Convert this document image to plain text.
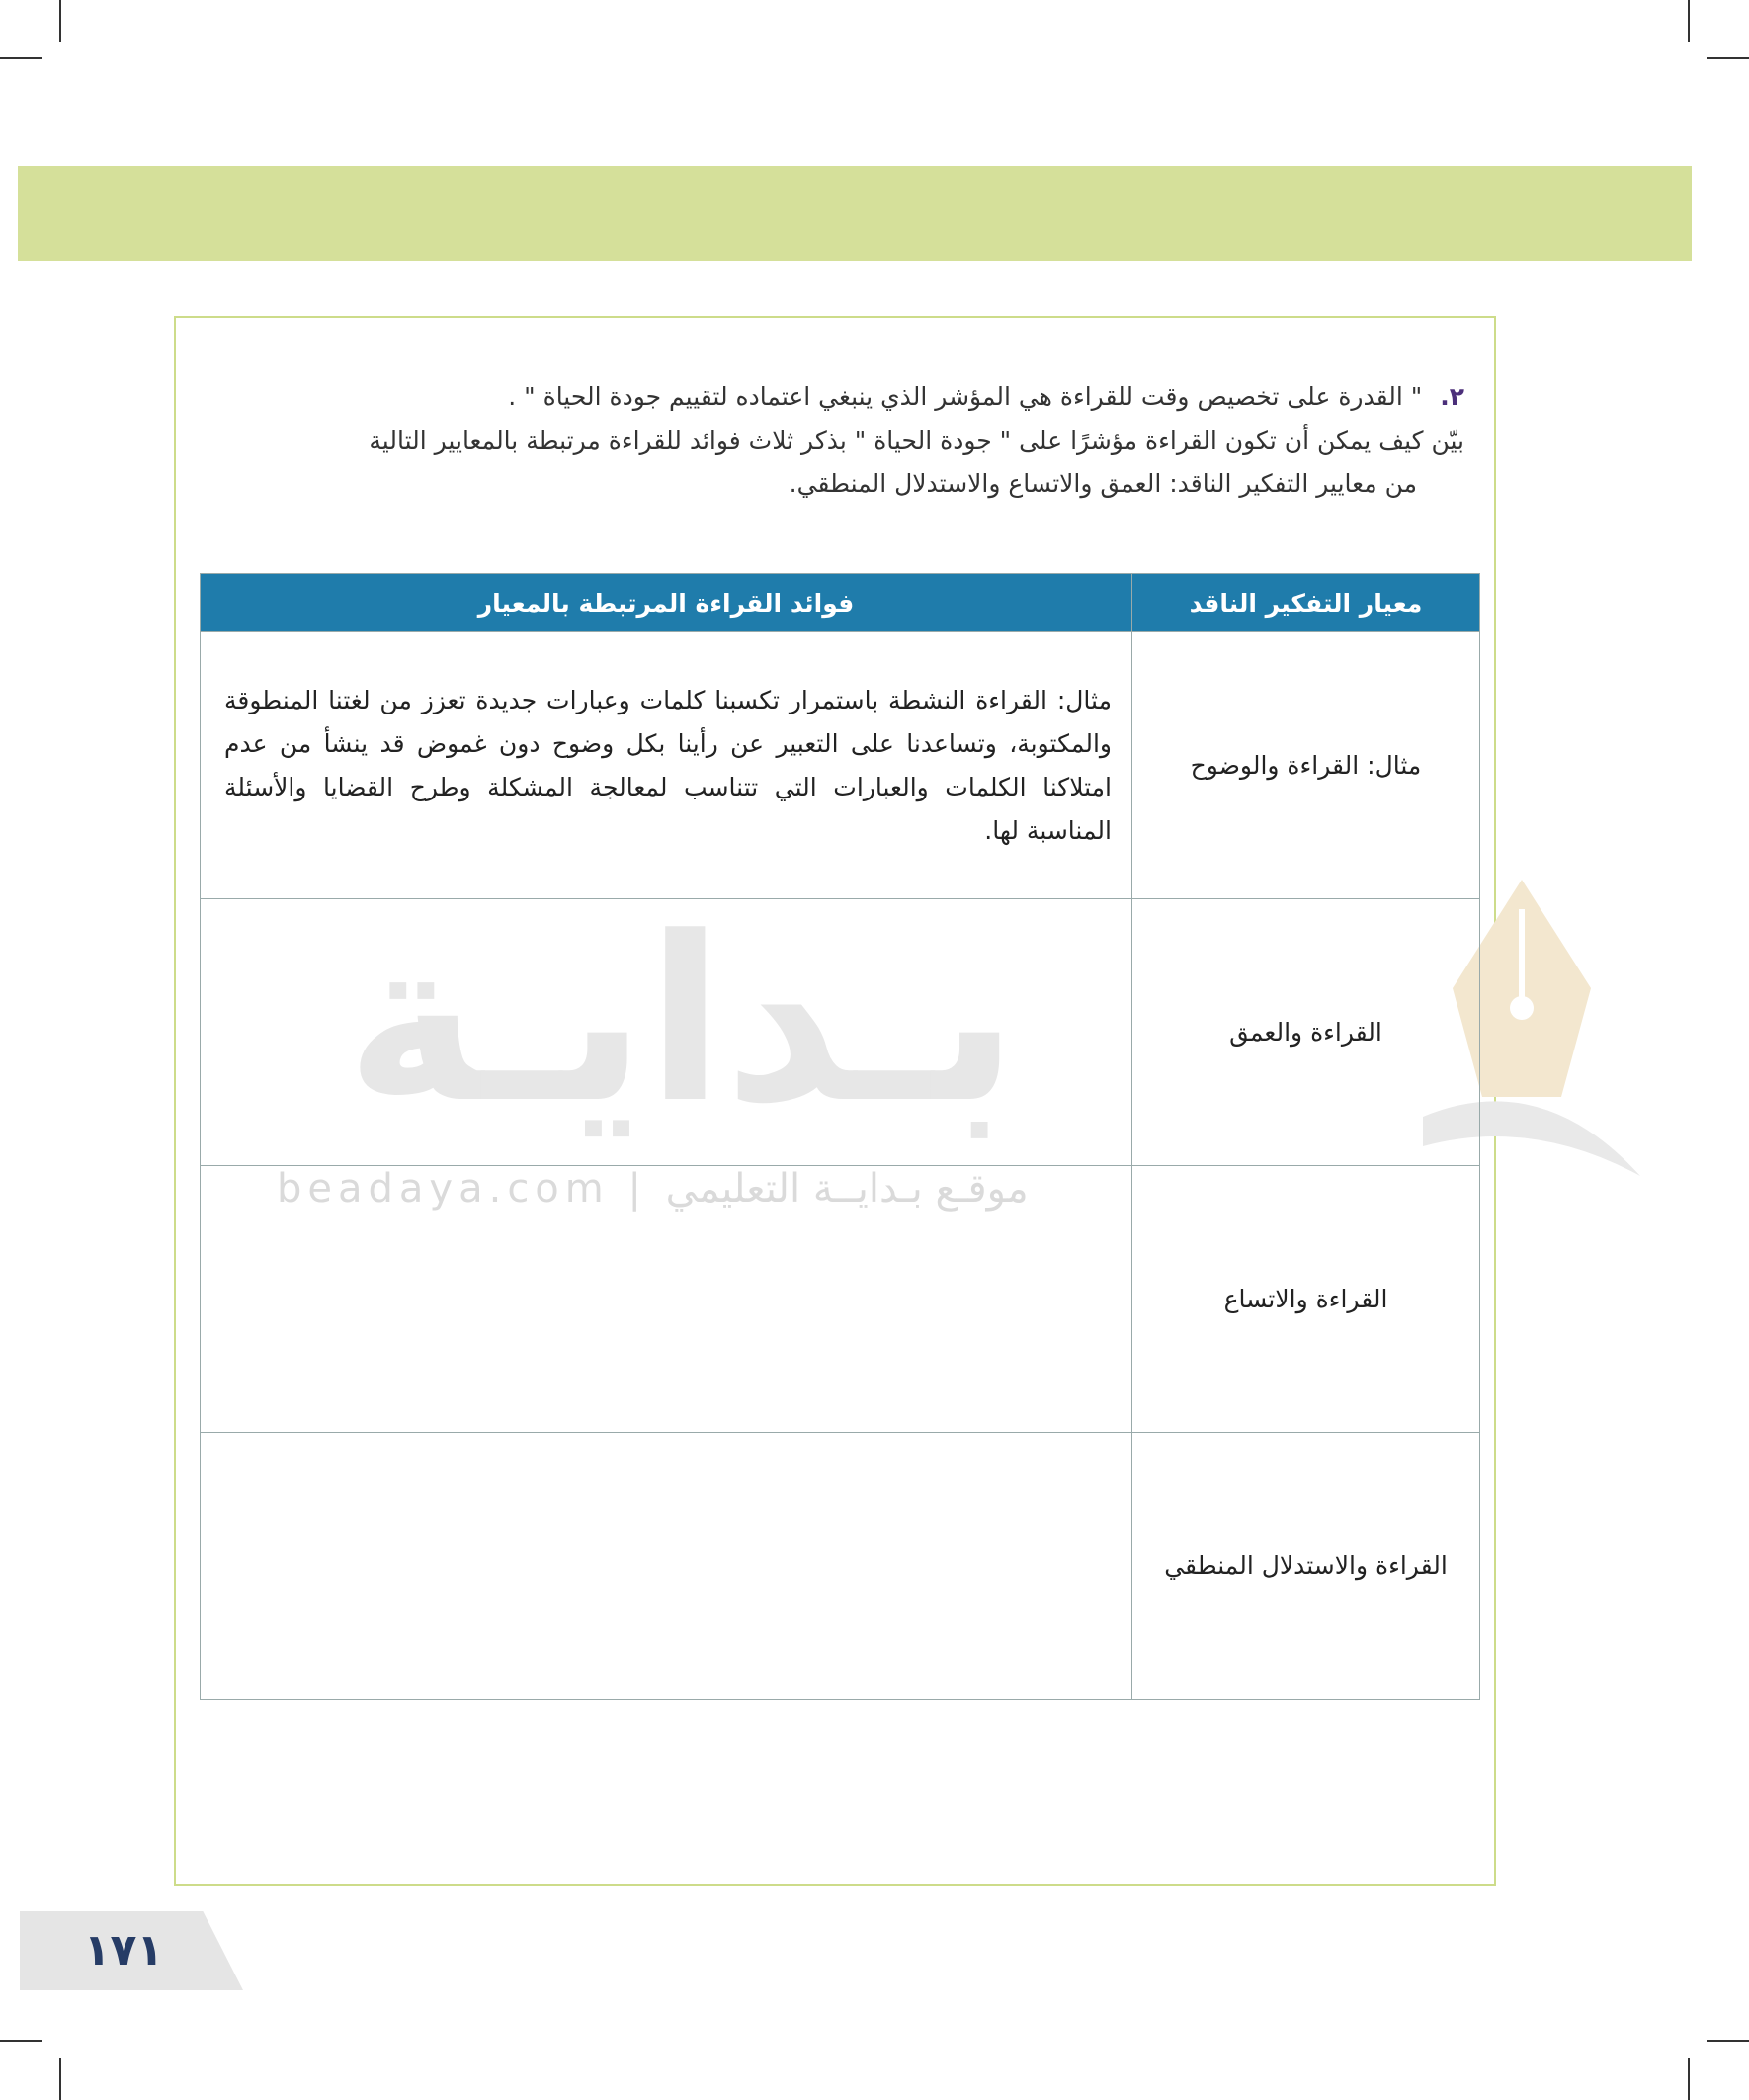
بـدايـة
beadaya.com | موقـع بـدايــة التعليمي
٢. " القدرة على تخصيص وقت للقراءة هي المؤشر الذي ينبغي اعتماده لتقييم جودة الحياة " .
بيّن كيف يمكن أن تكون القراءة مؤشرًا على " جودة الحياة " بذكر ثلاث فوائد للقراءة مرتبطة بالمعايير التالية
من معايير التفكير الناقد: العمق والاتساع والاستدلال المنطقي.
معيار التفكير الناقد	فوائد القراءة المرتبطة بالمعيار
مثال: القراءة والوضوح	مثال: القراءة النشطة باستمرار تكسبنا كلمات وعبارات جديدة تعزز من لغتنا المنطوقة والمكتوبة، وتساعدنا على التعبير عن رأينا بكل وضوح دون غموض قد ينشأ من عدم امتلاكنا الكلمات والعبارات التي تتناسب لمعالجة المشكلة وطرح القضايا والأسئلة المناسبة لها.
القراءة والعمق	
القراءة والاتساع	
القراءة والاستدلال المنطقي	
١٧١
